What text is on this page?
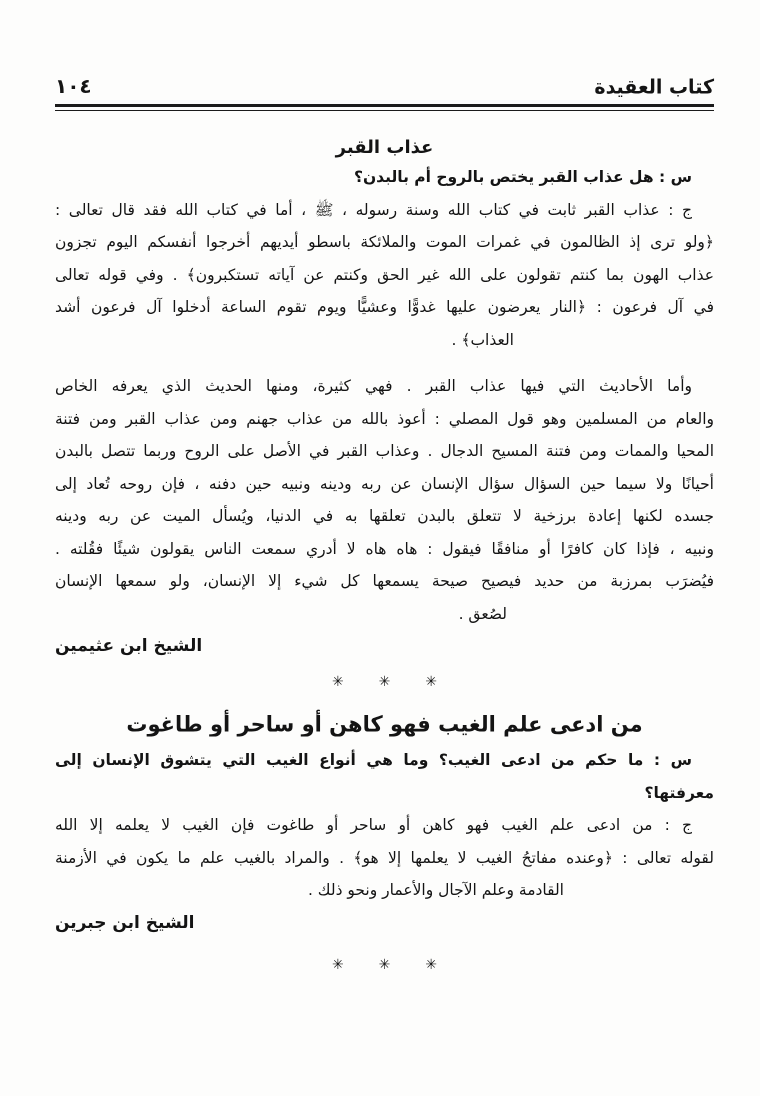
١٠٤	كتاب العقيدة
عذاب القبر
س : هل عذاب القبر يختص بالروح أم بالبدن؟
ج : عذاب القبر ثابت في كتاب الله وسنة رسوله ، ﷺ ، أما في كتاب الله فقد قال تعالى :
﴿ولو ترى إذ الظالمون في غمرات الموت والملائكة باسطو أيديهم أخرجوا أنفسكم اليوم تجزون
عذاب الهون بما كنتم تقولون على الله غير الحق وكنتم عن آياته تستكبرون﴾ . وفي قوله تعالى
في آل فرعون : ﴿النار يعرضون عليها غدوًّا وعشيًّا ويوم تقوم الساعة أدخلوا آل فرعون أشد
العذاب﴾ .
وأما الأحاديث التي فيها عذاب القبر . فهي كثيرة، ومنها الحديث الذي يعرفه الخاص
والعام من المسلمين وهو قول المصلي : أعوذ بالله من عذاب جهنم ومن عذاب القبر ومن فتنة
المحيا والممات ومن فتنة المسيح الدجال . وعذاب القبر في الأصل على الروح وربما تتصل بالبدن
أحيانًا ولا سيما حين السؤال سؤال الإنسان عن ربه ودينه ونبيه حين دفنه ، فإن روحه تُعاد إلى
جسده لكنها إعادة برزخية لا تتعلق بالبدن تعلقها به في الدنيا، ويُسأل الميت عن ربه ودينه
ونبيه ، فإذا كان كافرًا أو منافقًا فيقول : هاه هاه لا أدري سمعت الناس يقولون شيئًا فقُلته .
فيُضرَب بمرزبة من حديد فيصيح صيحة يسمعها كل شيء إلا الإنسان، ولو سمعها الإنسان
لصُعق .
الشيخ ابن عثيمين
✳ ✳ ✳
من ادعى علم الغيب فهو كاهن أو ساحر أو طاغوت
س : ما حكم من ادعى الغيب؟ وما هي أنواع الغيب التي يتشوق الإنسان إلى معرفتها؟
ج : من ادعى علم الغيب فهو كاهن أو ساحر أو طاغوت فإن الغيب لا يعلمه إلا الله
لقوله تعالى : ﴿وعنده مفاتحُ الغيب لا يعلمها إلا هو﴾ . والمراد بالغيب علم ما يكون في الأزمنة
القادمة وعلم الآجال والأعمار ونحو ذلك .
الشيخ ابن جبرين
✳ ✳ ✳
